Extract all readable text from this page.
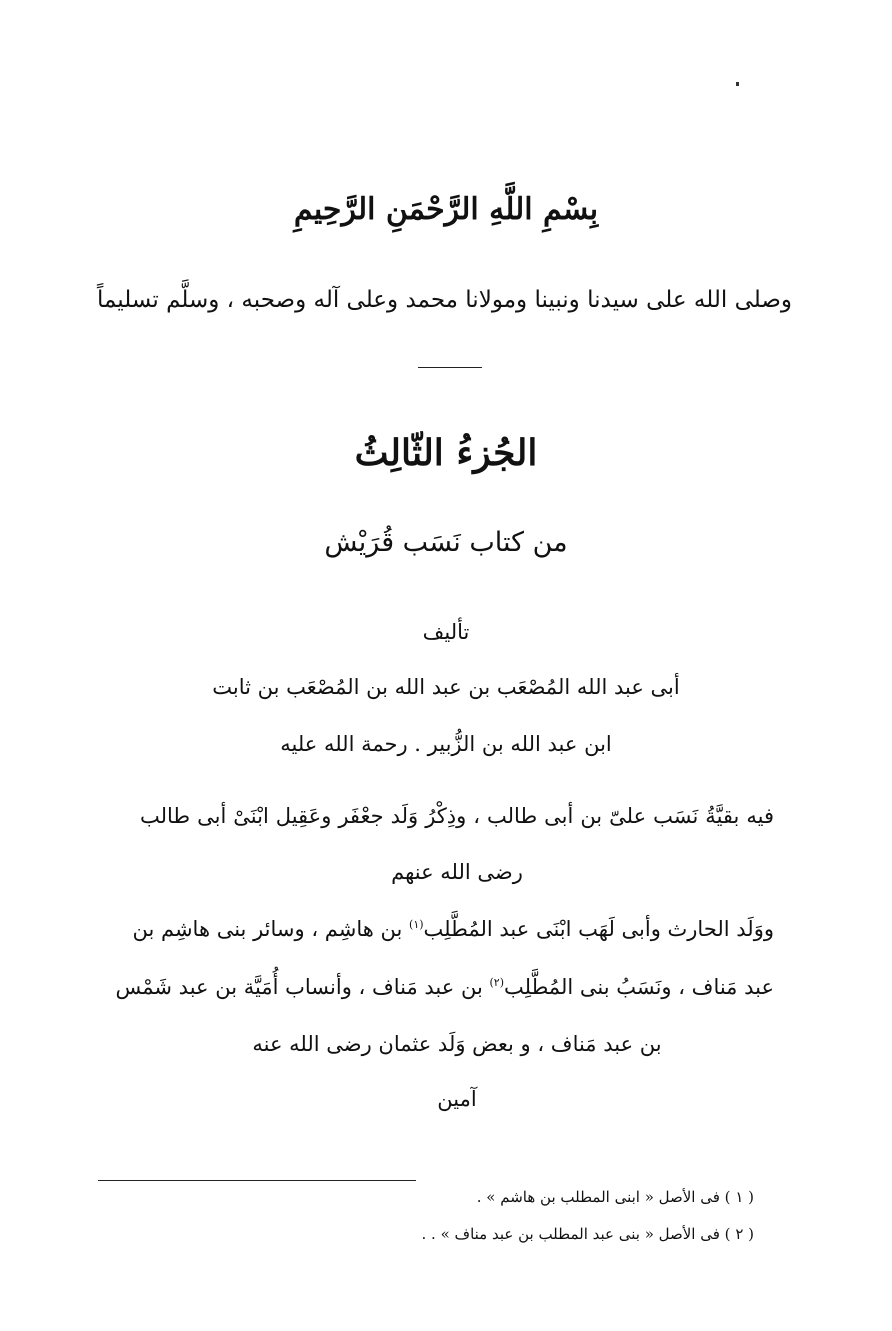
بِسْمِ اللَّهِ الرَّحْمَنِ الرَّحِيمِ
وصلى الله على سيدنا ونبينا ومولانا محمد وعلى آله وصحبه ، وسلَّم تسليماً
الجُزءُ الثّالِثُ
من كتاب نَسَب قُرَيْش
تأليف
أبى عبد الله المُصْعَب بن عبد الله بن المُصْعَب بن ثابت
ابن عبد الله بن الزُّبير . رحمة الله عليه
فيه بقيَّةُ نَسَب علىّ بن أبى طالب ، وذِكْرُ وَلَد جعْفَر وعَقِيل ابْنَىْ أبى طالب
رضى الله عنهم
ووَلَد الحارث وأبى لَهَب ابْنَى عبد المُطَّلِب$^{(١)}$ بن هاشِم ، وسائر بنى هاشِم بن
عبد مَناف ، ونَسَبُ بنى المُطَّلِب$^{(٢)}$ بن عبد مَناف ، وأنساب أُمَيَّة بن عبد شَمْس
بن عبد مَناف ، و بعض وَلَد عثمان رضى الله عنه
آمين
( ١ ) فى الأصل « ابنى المطلب بن هاشم » .
( ٢ ) فى الأصل « بنى عبد المطلب بن عبد مناف » . .
